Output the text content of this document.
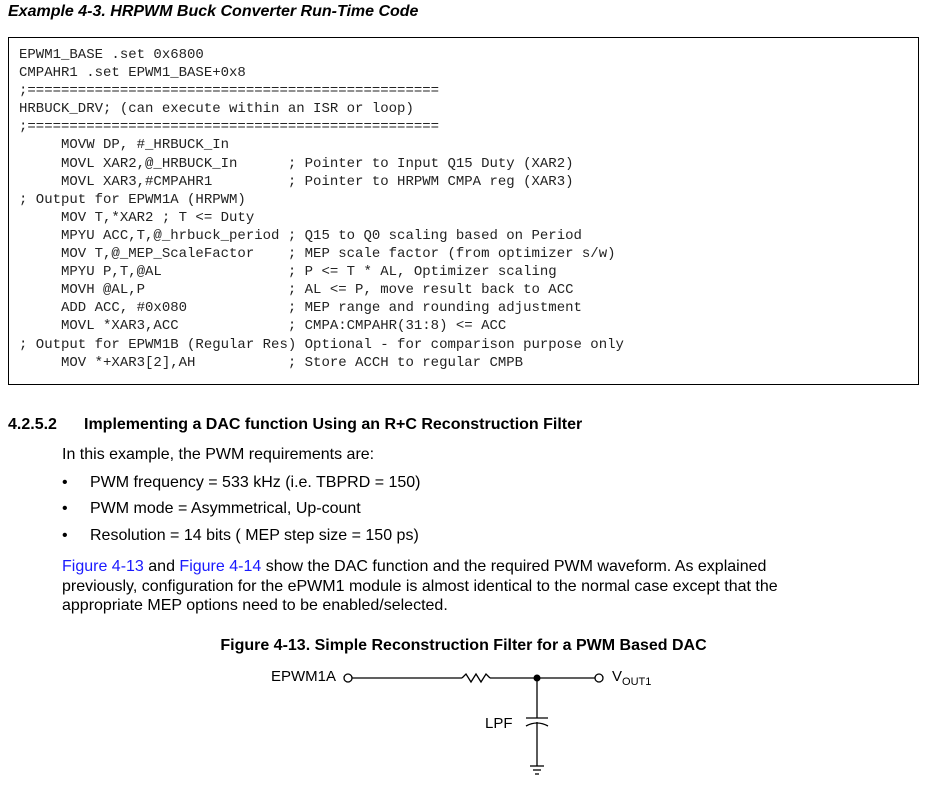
Example 4-3. HRPWM Buck Converter Run-Time Code
EPWM1_BASE .set 0x6800
CMPAHR1 .set EPWM1_BASE+0x8
;=================================================
HRBUCK_DRV; (can execute within an ISR or loop)
;=================================================
MOVW DP, #_HRBUCK_In
MOVL XAR2,@_HRBUCK_In      ; Pointer to Input Q15 Duty (XAR2)
MOVL XAR3,#CMPAHR1         ; Pointer to HRPWM CMPA reg (XAR3)
; Output for EPWM1A (HRPWM)
MOV T,*XAR2 ; T <= Duty
MPYU ACC,T,@_hrbuck_period ; Q15 to Q0 scaling based on Period
MOV T,@_MEP_ScaleFactor    ; MEP scale factor (from optimizer s/w)
MPYU P,T,@AL               ; P <= T * AL, Optimizer scaling
MOVH @AL,P                 ; AL <= P, move result back to ACC
ADD ACC, #0x080            ; MEP range and rounding adjustment
MOVL *XAR3,ACC             ; CMPA:CMPAHR(31:8) <= ACC
; Output for EPWM1B (Regular Res) Optional - for comparison purpose only
MOV *+XAR3[2],AH           ; Store ACCH to regular CMPB
4.2.5.2 Implementing a DAC function Using an R+C Reconstruction Filter
In this example, the PWM requirements are:
• PWM frequency = 533 kHz (i.e. TBPRD = 150)
• PWM mode = Asymmetrical, Up-count
• Resolution = 14 bits ( MEP step size = 150 ps)
Figure 4-13 and Figure 4-14 show the DAC function and the required PWM waveform. As explained
previously, configuration for the ePWM1 module is almost identical to the normal case except that the
appropriate MEP options need to be enabled/selected.
Figure 4-13. Simple Reconstruction Filter for a PWM Based DAC
EPWM1A	$V_{OUT1}$
LPF
